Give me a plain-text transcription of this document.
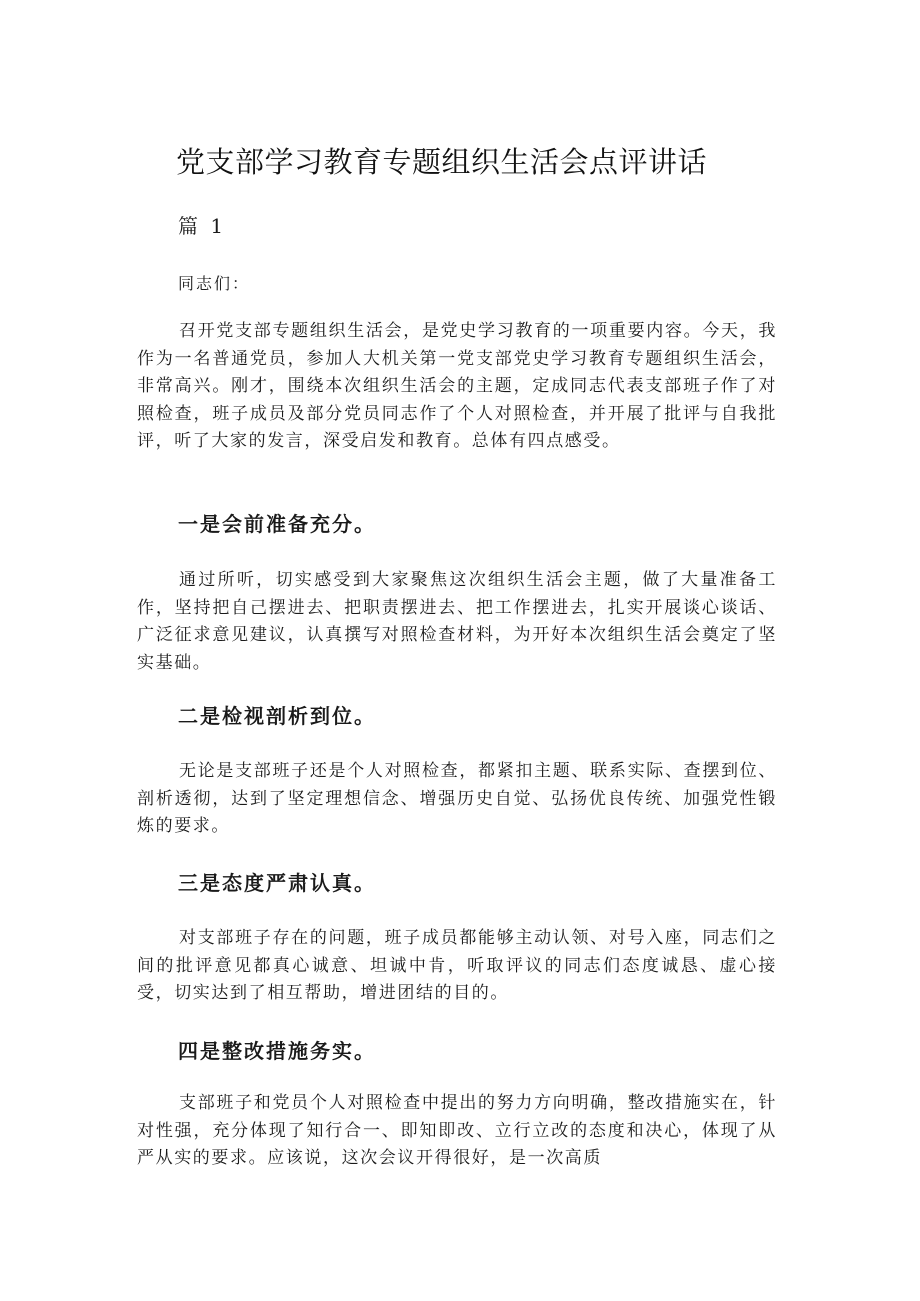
党支部学习教育专题组织生活会点评讲话
篇 1
同志们：

召开党支部专题组织生活会，是党史学习教育的一项重要内容。今天，我作为一名普通党员，参加人大机关第一党支部党史学习教育专题组织生活会，非常高兴。刚才，围绕本次组织生活会的主题，定成同志代表支部班子作了对照检查，班子成员及部分党员同志作了个人对照检查，并开展了批评与自我批评，听了大家的发言，深受启发和教育。总体有四点感受。

一是会前准备充分。

通过所听，切实感受到大家聚焦这次组织生活会主题，做了大量准备工作，坚持把自己摆进去、把职责摆进去、把工作摆进去，扎实开展谈心谈话、广泛征求意见建议，认真撰写对照检查材料，为开好本次组织生活会奠定了坚实基础。

二是检视剖析到位。

无论是支部班子还是个人对照检查，都紧扣主题、联系实际、查摆到位、剖析透彻，达到了坚定理想信念、增强历史自觉、弘扬优良传统、加强党性锻炼的要求。

三是态度严肃认真。

对支部班子存在的问题，班子成员都能够主动认领、对号入座，同志们之间的批评意见都真心诚意、坦诚中肯，听取评议的同志们态度诚恳、虚心接受，切实达到了相互帮助，增进团结的目的。

四是整改措施务实。

支部班子和党员个人对照检查中提出的努力方向明确，整改措施实在，针对性强，充分体现了知行合一、即知即改、立行立改的态度和决心，体现了从严从实的要求。应该说，这次会议开得很好，是一次高质
